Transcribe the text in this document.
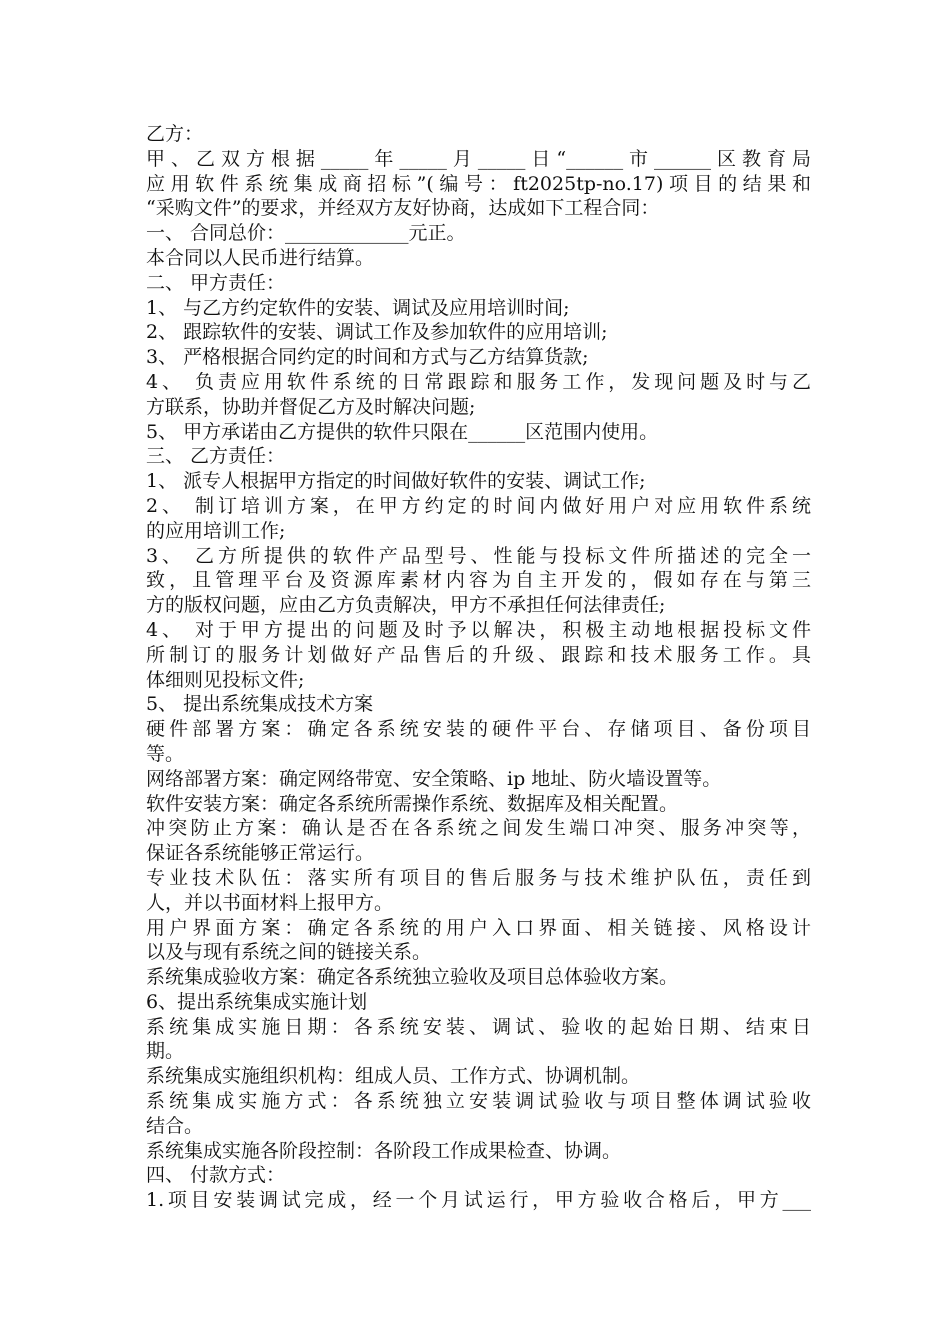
乙方：
甲、乙双方根据_____年_____月_____日“______市______区教育局
应用软件系统集成商招标”(编号：ft2025tp-no.17)项目的结果和
“采购文件”的要求，并经双方友好协商，达成如下工程合同：
一、 合同总价：_____________元正。
本合同以人民币进行结算。
二、 甲方责任：
1、 与乙方约定软件的安装、调试及应用培训时间;
2、 跟踪软件的安装、调试工作及参加软件的应用培训;
3、 严格根据合同约定的时间和方式与乙方结算货款;
4、 负责应用软件系统的日常跟踪和服务工作，发现问题及时与乙
方联系，协助并督促乙方及时解决问题;
5、 甲方承诺由乙方提供的软件只限在______区范围内使用。
三、 乙方责任：
1、 派专人根据甲方指定的时间做好软件的安装、调试工作;
2、 制订培训方案，在甲方约定的时间内做好用户对应用软件系统
的应用培训工作;
3、 乙方所提供的软件产品型号、性能与投标文件所描述的完全一
致，且管理平台及资源库素材内容为自主开发的，假如存在与第三
方的版权问题，应由乙方负责解决，甲方不承担任何法律责任;
4、 对于甲方提出的问题及时予以解决，积极主动地根据投标文件
所制订的服务计划做好产品售后的升级、跟踪和技术服务工作。具
体细则见投标文件;
5、 提出系统集成技术方案
硬件部署方案：确定各系统安装的硬件平台、存储项目、备份项目
等。
网络部署方案：确定网络带宽、安全策略、ip 地址、防火墙设置等。
软件安装方案：确定各系统所需操作系统、数据库及相关配置。
冲突防止方案：确认是否在各系统之间发生端口冲突、服务冲突等，
保证各系统能够正常运行。
专业技术队伍：落实所有项目的售后服务与技术维护队伍，责任到
人，并以书面材料上报甲方。
用户界面方案：确定各系统的用户入口界面、相关链接、风格设计
以及与现有系统之间的链接关系。
系统集成验收方案：确定各系统独立验收及项目总体验收方案。
6、提出系统集成实施计划
系统集成实施日期：各系统安装、调试、验收的起始日期、结束日
期。
系统集成实施组织机构：组成人员、工作方式、协调机制。
系统集成实施方式：各系统独立安装调试验收与项目整体调试验收
结合。
系统集成实施各阶段控制：各阶段工作成果检查、协调。
四、 付款方式：
1.项目安装调试完成，经一个月试运行，甲方验收合格后，甲方___
